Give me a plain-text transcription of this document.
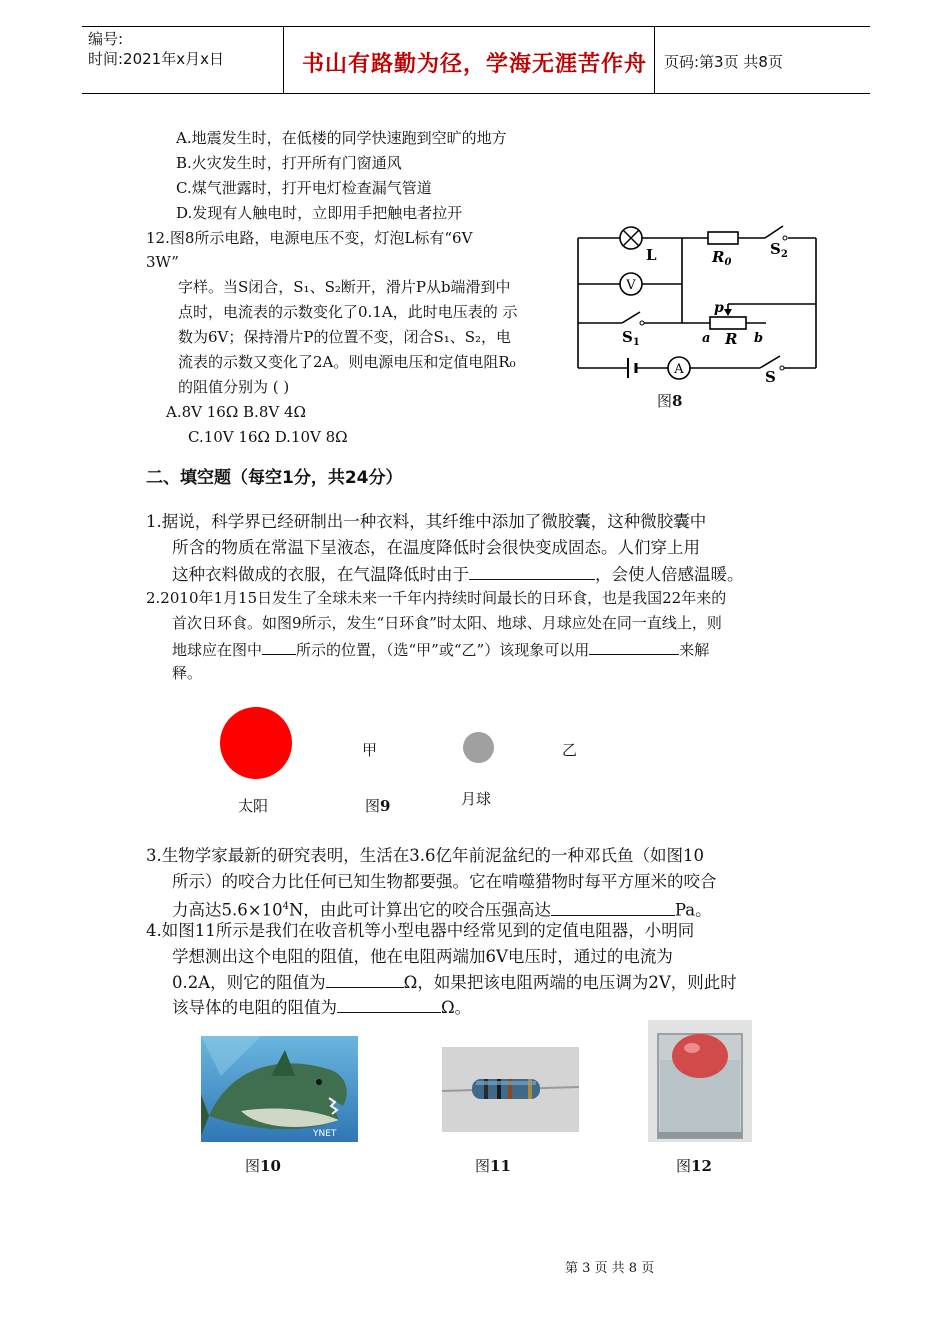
编号:
时间:2021年x月x日	书山有路勤为径，学海无涯苦作舟 页码:第3页 共8页
A.地震发生时，在低楼的同学快速跑到空旷的地方
B.火灾发生时，打开所有门窗通风
C.煤气泄露时，打开电灯检查漏气管道
D.发现有人触电时，立即用手把触电者拉开
12.图8所示电路，电源电压不变，灯泡L标有“6V
3W”
字样。当S闭合，S₁、S₂断开，滑片P从b端滑到中
点时，电流表的示数变化了0.1A，此时电压表的 示
数为6V；保持滑片P的位置不变，闭合S₁、S₂，电
流表的示数又变化了2A。则电源电压和定值电阻R₀
的阻值分别为 ( )
A.8V 16Ω B.8V 4Ω
C.10V 16Ω D.10V 8Ω
V
A
L	$R_0$
$S_2$
$S_1$
p
a R b
S
图8
二、填空题（每空1分，共24分）
1.据说，科学界已经研制出一种衣料，其纤维中添加了微胶囊，这种微胶囊中
所含的物质在常温下呈液态，在温度降低时会很快变成固态。人们穿上用
这种衣料做成的衣服，在气温降低时由于	，会使人倍感温暖。
2.2010年1月15日发生了全球未来一千年内持续时间最长的日环食，也是我国22年来的
首次日环食。如图9所示，发生“日环食”时太阳、地球、月球应处在同一直线上，则
地球应在图中 所示的位置，（选“甲”或“乙”）该现象可以用	来解
释。
甲	乙
太阳	月球
图9
3.生物学家最新的研究表明，生活在3.6亿年前泥盆纪的一种邓氏鱼（如图10
所示）的咬合力比任何已知生物都要强。它在啃噬猎物时每平方厘米的咬合
力高达$5.6\times 10^4N$，由此可计算出它的咬合压强高达	Pa。
4.如图11所示是我们在收音机等小型电器中经常见到的定值电阻器，小明同
学想测出这个电阻的阻值，他在电阻两端加6V电压时，通过的电流为
0.2A，则它的阻值为	Ω，如果把该电阻两端的电压调为2V，则此时
该导体的电阻的阻值为	Ω。
YNET
图10	图11	图12
第 3 页 共 8 页
